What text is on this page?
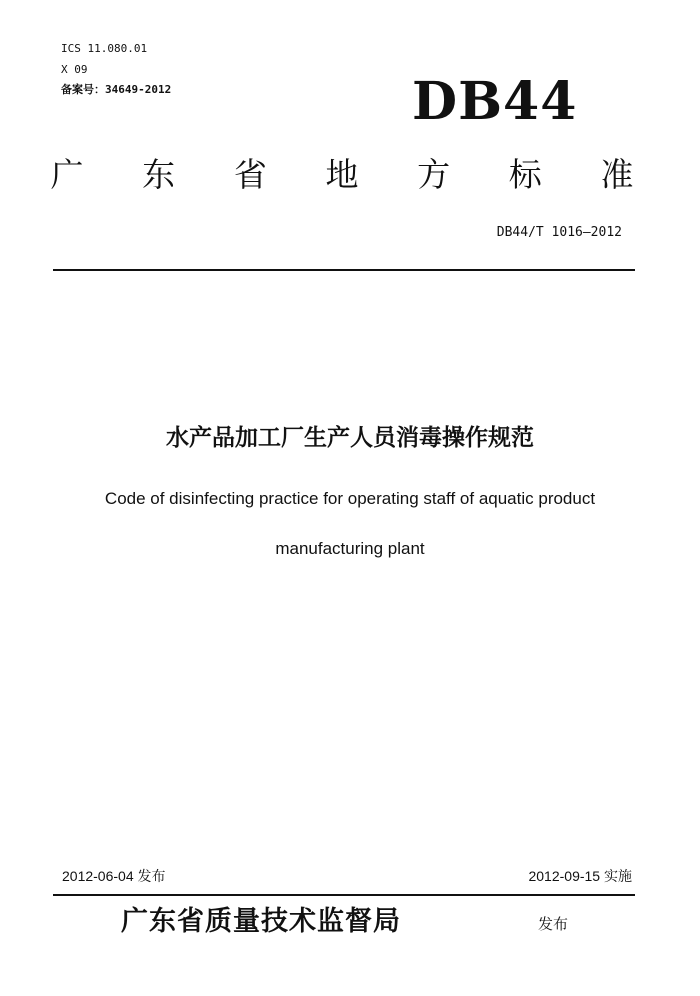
ICS 11.080.01
X 09
备案号：34649-2012	DB44
广 东 省 地 方 标 准
DB44/T 1016—2012
水产品加工厂生产人员消毒操作规范
Code of disinfecting practice for operating staff of aquatic product
manufacturing plant
2012-06-04 发布	2012-09-15 实施
广东省质量技术监督局	发布
